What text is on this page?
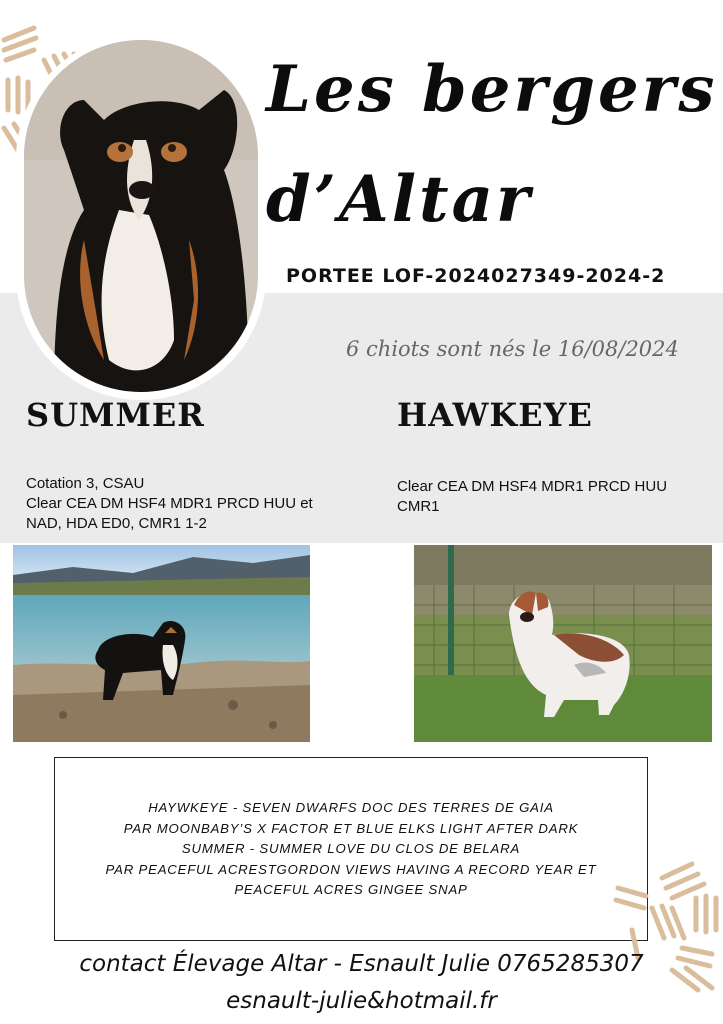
Les bergers
d’Altar
PORTEE LOF-2024027349-2024-2
6 chiots sont nés le 16/08/2024
SUMMER	HAWKEYE
Cotation 3, CSAU
Clear CEA DM HSF4 MDR1 PRCD HUU et
NAD, HDA ED0, CMR1 1-2
Clear CEA DM HSF4 MDR1 PRCD HUU
CMR1
HAYWKEYE - SEVEN DWARFS DOC DES TERRES DE GAIA
PAR MOONBABY’S X FACTOR ET BLUE ELKS LIGHT AFTER DARK
SUMMER - SUMMER LOVE DU CLOS DE BELARA
PAR PEACEFUL ACRESTGORDON VIEWS HAVING A RECORD YEAR ET
PEACEFUL ACRES GINGEE SNAP
contact Élevage Altar - Esnault Julie 0765285307
esnault-julie&hotmail.fr
